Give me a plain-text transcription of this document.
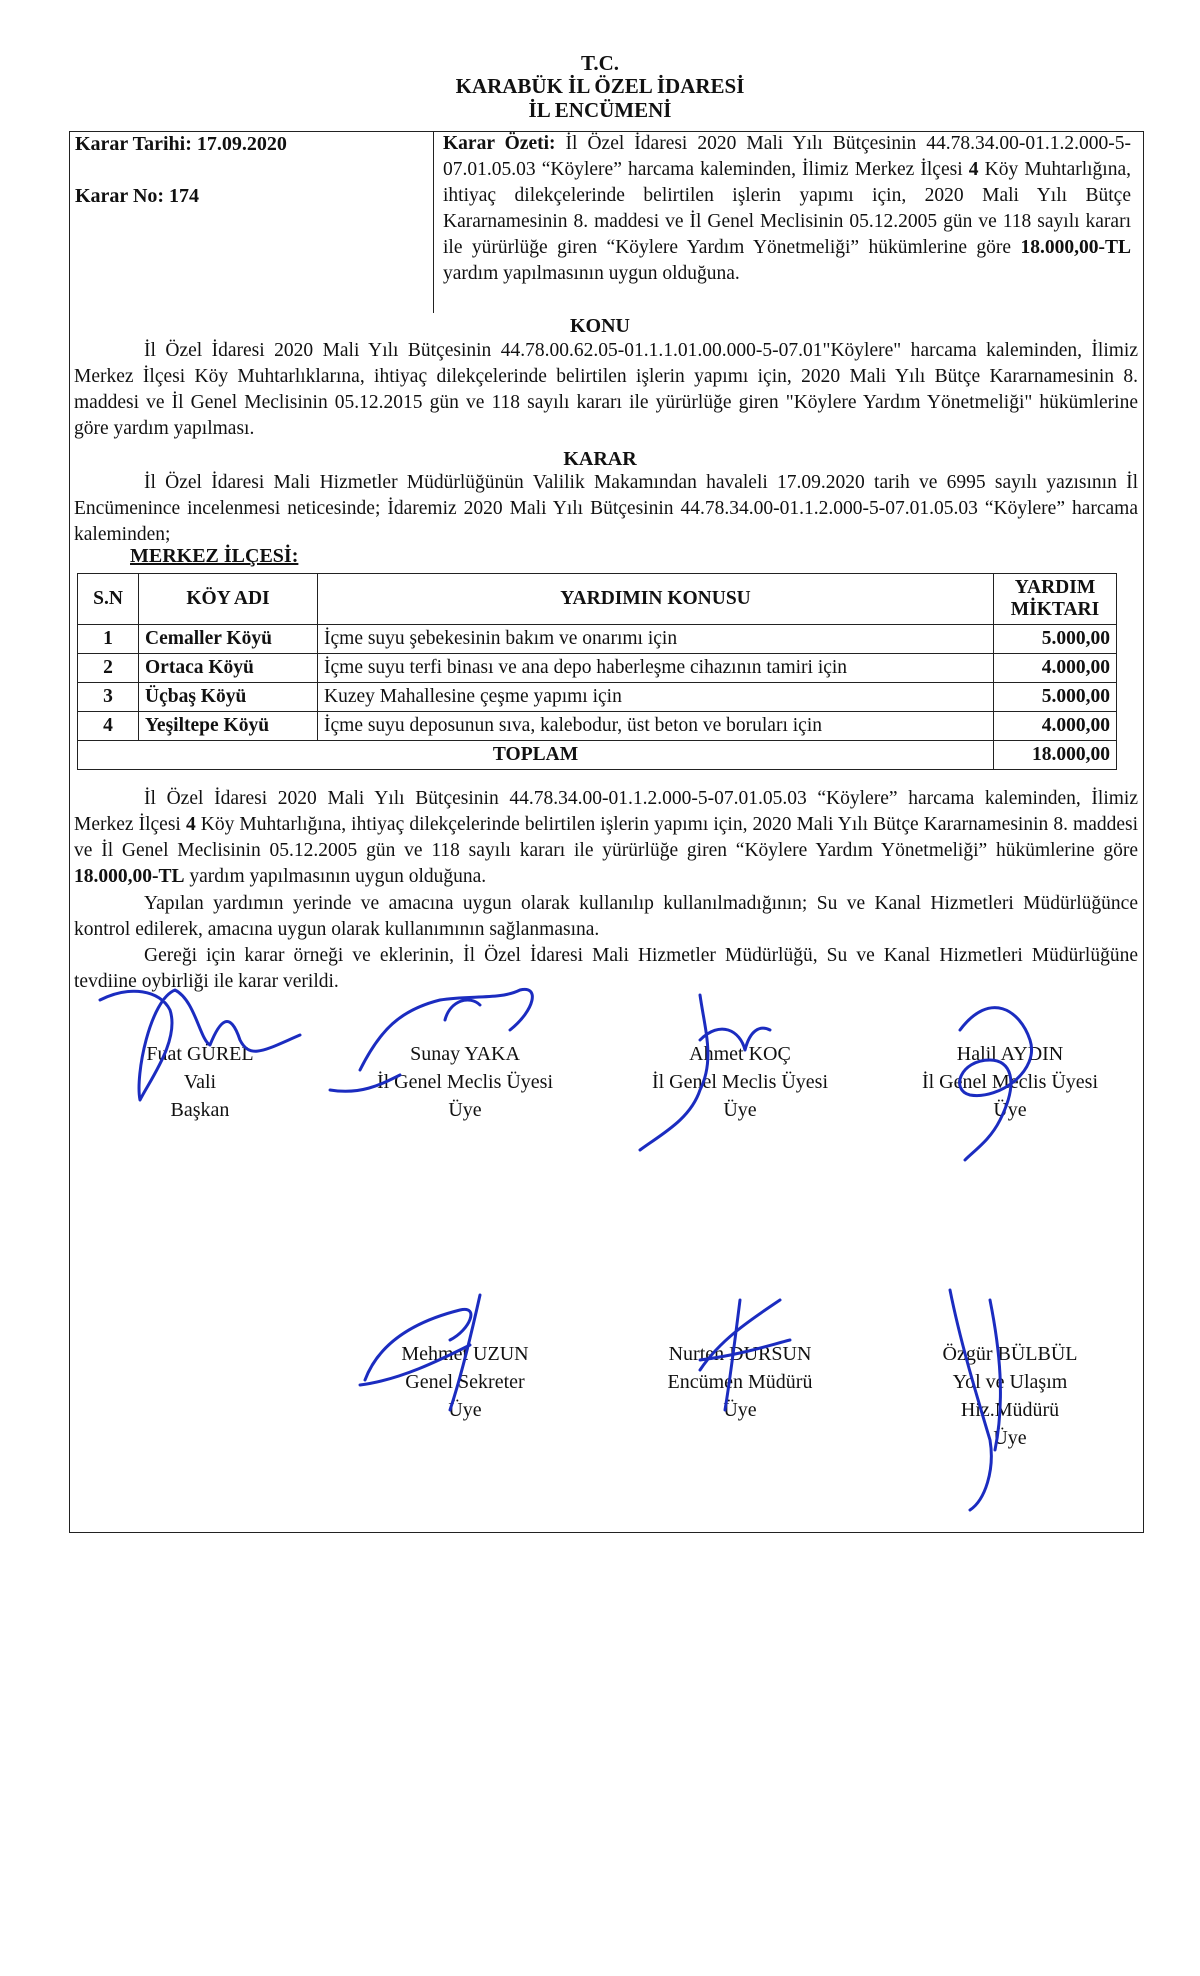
T.C.
KARABÜK İL ÖZEL İDARESİ
İL ENCÜMENİ
Karar Tarihi: 17.09.2020
Karar No: 174
Karar Özeti: İl Özel İdaresi 2020 Mali Yılı Bütçesinin 44.78.34.00-01.1.2.000-5-07.01.05.03 “Köylere” harcama kaleminden, İlimiz Merkez İlçesi 4 Köy Muhtarlığına, ihtiyaç dilekçelerinde belirtilen işlerin yapımı için, 2020 Mali Yılı Bütçe Kararnamesinin 8. maddesi ve İl Genel Meclisinin 05.12.2005 gün ve 118 sayılı kararı ile yürürlüğe giren “Köylere Yardım Yönetmeliği” hükümlerine göre 18.000,00-TL yardım yapılmasının uygun olduğuna.
KONU
İl Özel İdaresi 2020 Mali Yılı Bütçesinin 44.78.00.62.05-01.1.1.01.00.000-5-07.01"Köylere" harcama kaleminden, İlimiz Merkez İlçesi Köy Muhtarlıklarına, ihtiyaç dilekçelerinde belirtilen işlerin yapımı için, 2020 Mali Yılı Bütçe Kararnamesinin 8. maddesi ve İl Genel Meclisinin 05.12.2015 gün ve 118 sayılı kararı ile yürürlüğe giren "Köylere Yardım Yönetmeliği" hükümlerine göre yardım yapılması.
KARAR
İl Özel İdaresi Mali Hizmetler Müdürlüğünün Valilik Makamından havaleli 17.09.2020 tarih ve 6995 sayılı yazısının İl Encümenince incelenmesi neticesinde; İdaremiz 2020 Mali Yılı Bütçesinin 44.78.34.00-01.1.2.000-5-07.01.05.03 “Köylere” harcama kaleminden;
MERKEZ İLÇESİ:
S.N	KÖY ADI	YARDIMIN KONUSU	YARDIM MİKTARI
1	Cemaller Köyü	İçme suyu şebekesinin bakım ve onarımı için	5.000,00
2	Ortaca Köyü	İçme suyu terfi binası ve ana depo haberleşme cihazının tamiri için	4.000,00
3	Üçbaş Köyü	Kuzey Mahallesine çeşme yapımı için	5.000,00
4	Yeşiltepe Köyü	İçme suyu deposunun sıva, kalebodur, üst beton ve boruları için	4.000,00
TOPLAM			18.000,00
İl Özel İdaresi 2020 Mali Yılı Bütçesinin 44.78.34.00-01.1.2.000-5-07.01.05.03 “Köylere” harcama kaleminden, İlimiz Merkez İlçesi 4 Köy Muhtarlığına, ihtiyaç dilekçelerinde belirtilen işlerin yapımı için, 2020 Mali Yılı Bütçe Kararnamesinin 8. maddesi ve İl Genel Meclisinin 05.12.2005 gün ve 118 sayılı kararı ile yürürlüğe giren “Köylere Yardım Yönetmeliği” hükümlerine göre 18.000,00-TL yardım yapılmasının uygun olduğuna.
Yapılan yardımın yerinde ve amacına uygun olarak kullanılıp kullanılmadığının; Su ve Kanal Hizmetleri Müdürlüğünce kontrol edilerek, amacına uygun olarak kullanımının sağlanmasına.
Gereği için karar örneği ve eklerinin, İl Özel İdaresi Mali Hizmetler Müdürlüğü, Su ve Kanal Hizmetleri Müdürlüğüne tevdiine oybirliği ile karar verildi.
Fuat GÜREL
Vali
Başkan
Sunay YAKA
İl Genel Meclis Üyesi
Üye
Ahmet KOÇ
İl Genel Meclis Üyesi
Üye
Halil AYDIN
İl Genel Meclis Üyesi
Üye
Mehmet UZUN
Genel Sekreter
Üye
Nurten DURSUN
Encümen Müdürü
Üye
Özgür BÜLBÜL
Yol ve Ulaşım
Hiz.Müdürü
Üye
